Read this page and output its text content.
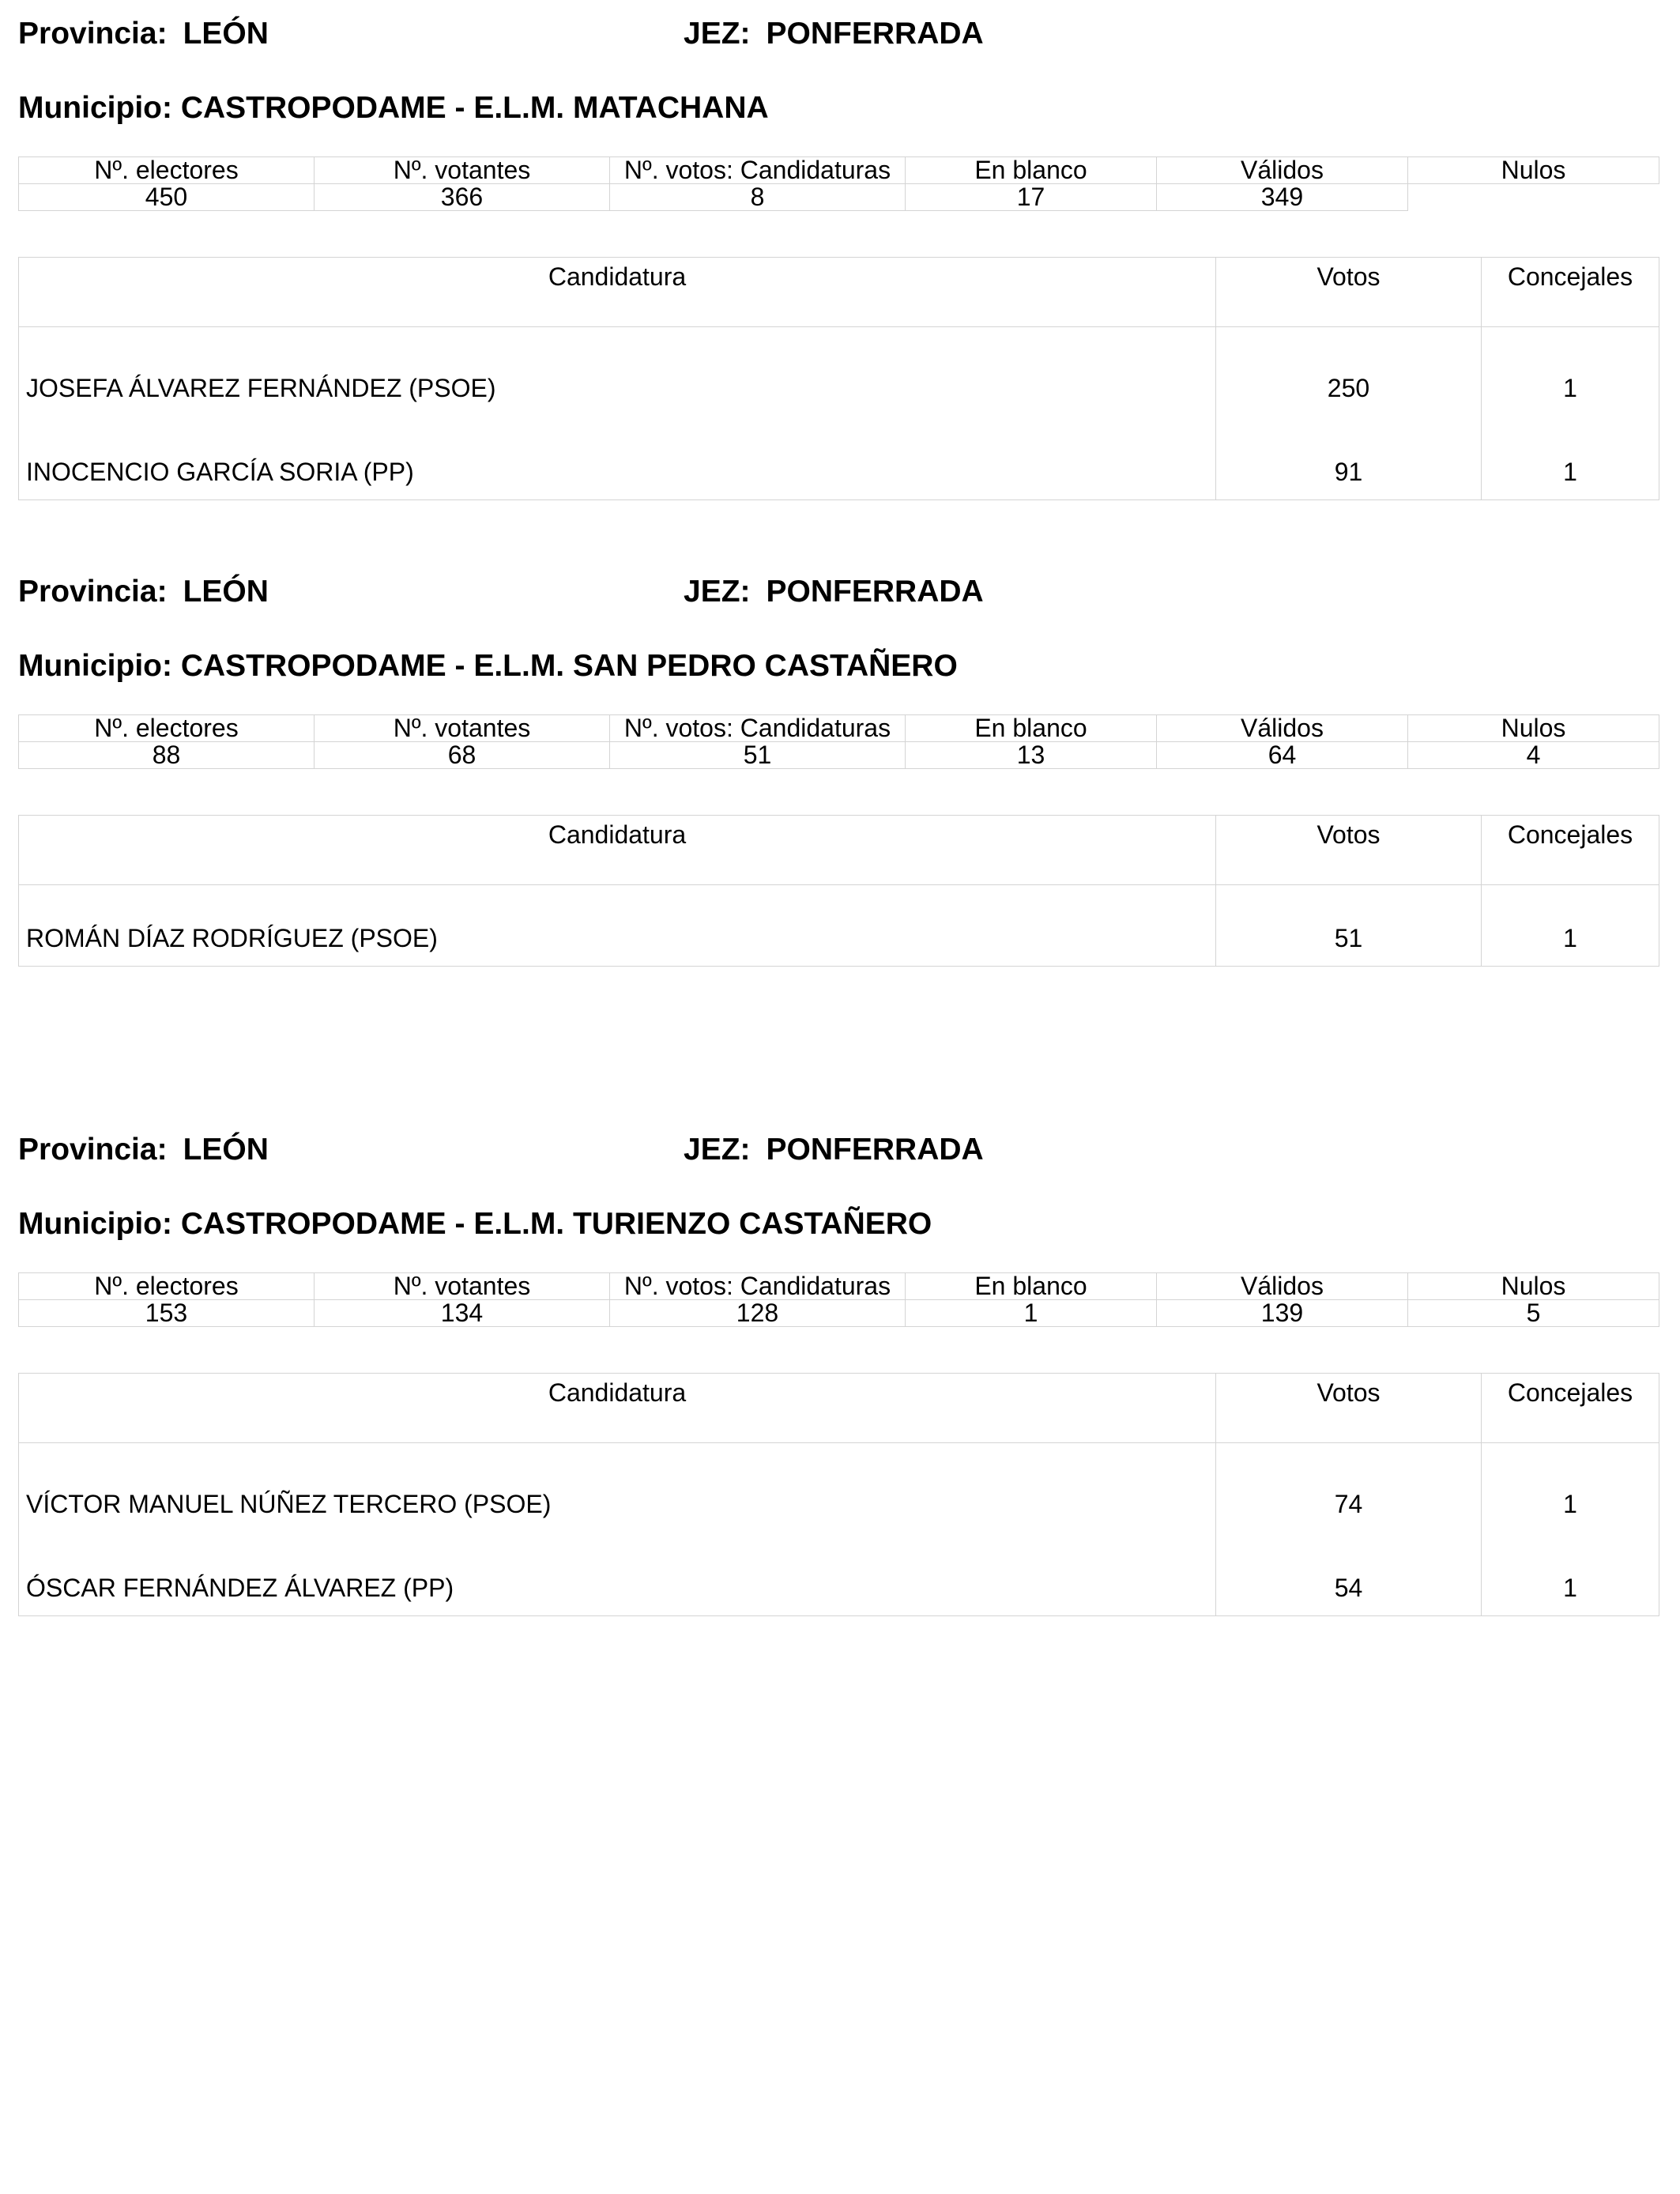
Provincia: LEÓN	JEZ: PONFERRADA
Municipio: CASTROPODAME - E.L.M. MATACHANA
Nº. electores	Nº. votantes	Nº. votos: Candidaturas	En blanco	Válidos	Nulos
450	366	8	17	349	
Candidatura	Votos	Concejales
JOSEFA ÁLVAREZ FERNÁNDEZ (PSOE)	250	1
INOCENCIO GARCÍA SORIA (PP)	91	1
Provincia: LEÓN	JEZ: PONFERRADA
Municipio: CASTROPODAME - E.L.M. SAN PEDRO CASTAÑERO
Nº. electores	Nº. votantes	Nº. votos: Candidaturas	En blanco	Válidos	Nulos
88	68	51	13	64	4
Candidatura	Votos	Concejales
ROMÁN DÍAZ RODRÍGUEZ (PSOE)	51	1
Provincia: LEÓN	JEZ: PONFERRADA
Municipio: CASTROPODAME - E.L.M. TURIENZO CASTAÑERO
Nº. electores	Nº. votantes	Nº. votos: Candidaturas	En blanco	Válidos	Nulos
153	134	128	1	139	5
Candidatura	Votos	Concejales
VÍCTOR MANUEL NÚÑEZ TERCERO (PSOE)	74	1
ÓSCAR FERNÁNDEZ ÁLVAREZ (PP)	54	1
